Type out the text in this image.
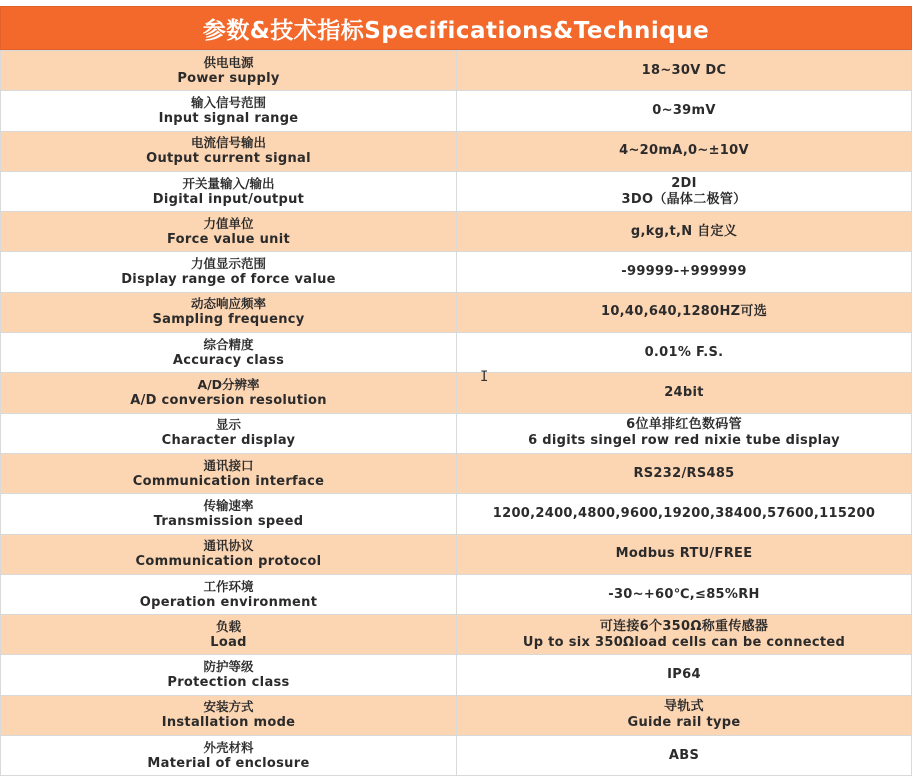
参数&技术指标Specifications&Technique
供电电源
Power supply	18~30V DC

输入信号范围
Input signal range	0~39mV

电流信号输出
Output current signal	4~20mA,0~±10V

开关量输入/输出
Digital input/output	2DI
3DO（晶体二极管）

力值单位
Force value unit	g,kg,t,N 自定义

力值显示范围
Display range of force value	-99999-+999999

动态响应频率
Sampling frequency	10,40,640,1280HZ可选

综合精度
Accuracy class	0.01% F.S.

A/D分辨率
A/D conversion resolution	24bit

显示
Character display	6位单排红色数码管
6 digits singel row red nixie tube display

通讯接口
Communication interface	RS232/RS485

传输速率
Transmission speed	1200,2400,4800,9600,19200,38400,57600,115200

通讯协议
Communication protocol	Modbus RTU/FREE

工作环境
Operation environment	-30~+60℃,≤85%RH

负载
Load	可连接6个350Ω称重传感器
Up to six 350Ωload cells can be connected

防护等级
Protection class	IP64

安装方式
Installation mode	导轨式
Guide rail type

外壳材料
Material of enclosure	ABS
I
